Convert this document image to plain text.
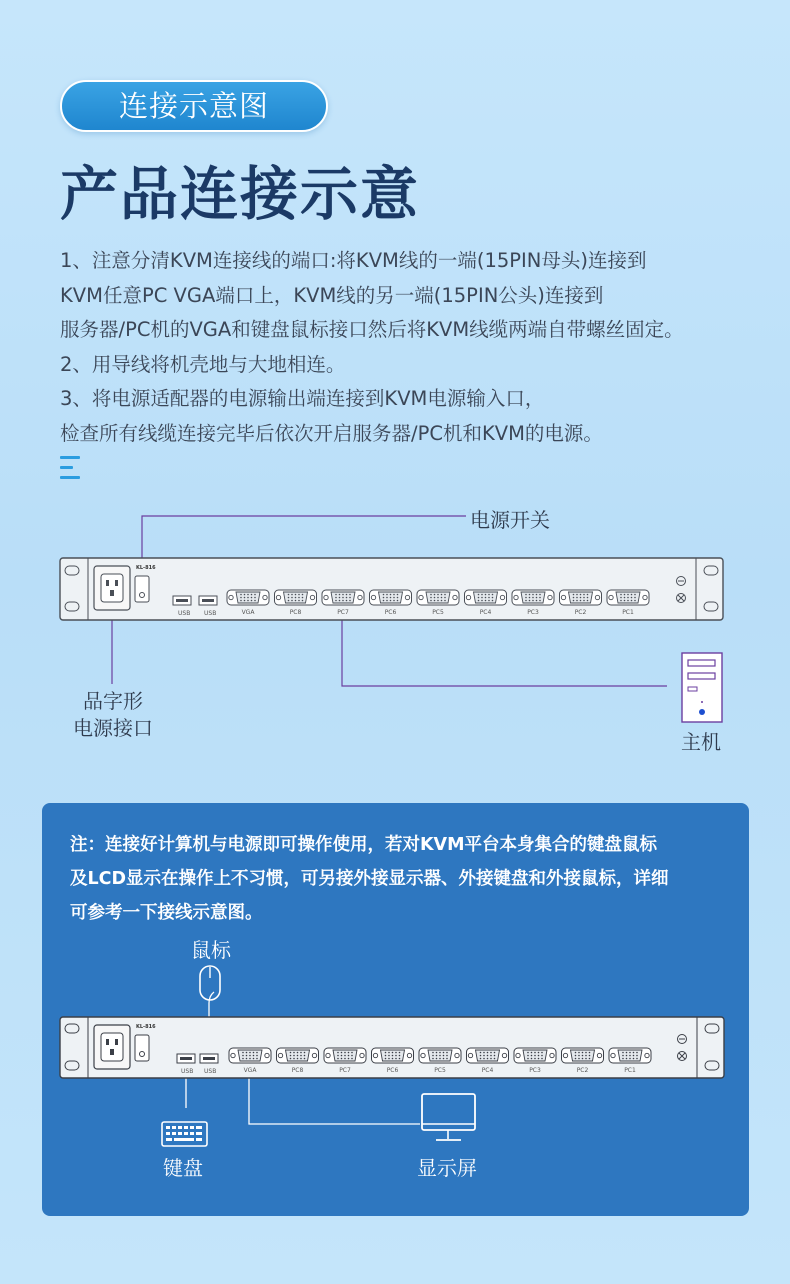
连接示意图
产品连接示意
1、注意分清KVM连接线的端口:将KVM线的一端(15PIN母头)连接到
KVM任意PC VGA端口上，KVM线的另一端(15PIN公头)连接到
服务器/PC机的VGA和键盘鼠标接口然后将KVM线缆两端自带螺丝固定。
2、用导线将机壳地与大地相连。
3、将电源适配器的电源输出端连接到KVM电源输入口，
检查所有线缆连接完毕后依次开启服务器/PC机和KVM的电源。
KL-816
USB USB	VGA	PC8	PC7	PC6	PC5	PC4	PC3	PC2	PC1
电源开关
品字形
电源接口
主机
注：连接好计算机与电源即可操作使用，若对KVM平台本身集合的键盘鼠标
及LCD显示在操作上不习惯，可另接外接显示器、外接键盘和外接鼠标，详细
可参考一下接线示意图。
KL-816
USB USB	VGA	PC8	PC7	PC6	PC5	PC4	PC3	PC2	PC1
鼠标
键盘	显示屏
